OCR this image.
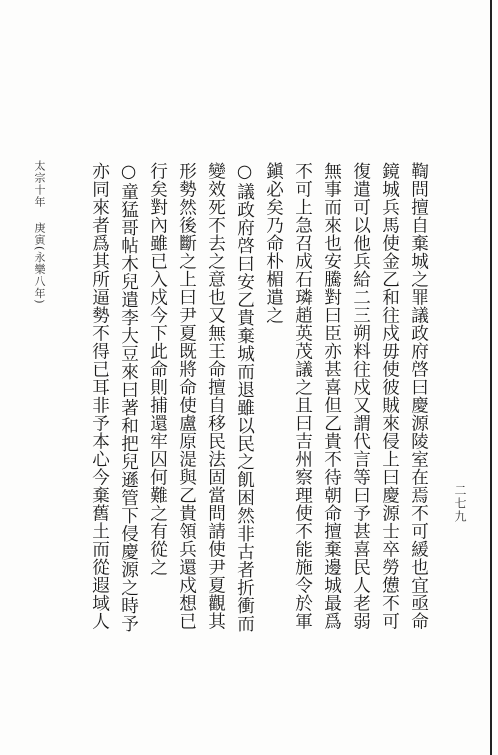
鞫問擅自棄城之罪議政府啓曰慶源陵室在焉不可緩也宜亟命
鏡城兵馬使金乙和往戍毋使彼賊來侵上曰慶源士卒勞憊不可
復遣可以他兵給二三朔料往戍又謂代言等曰予甚喜民人老弱
無事而來也安騰對曰臣亦甚喜但乙貴不待朝命擅棄邊城最爲
不可上急召成石璘趙英茂議之且曰吉州察理使不能施令於軍
鎭必矣乃命朴楣遣之
○議政府啓曰安乙貴棄城而退雖以民之飢困然非古者折衝而
變效死不去之意也又無王命擅自移民法固當問請使尹夏觀其
形勢然後斷之上曰尹夏既將命使盧原湜與乙貴領兵還戍想已
行矣對內雖已入戍今下此命則捕還牢囚何難之有從之
○童猛哥帖木兒遣李大豆來曰著和把兒遜管下侵慶源之時予
亦同來者爲其所逼勢不得已耳非予本心今棄舊土而從遐域人
太宗十年庚寅(永樂八年)
二七九
